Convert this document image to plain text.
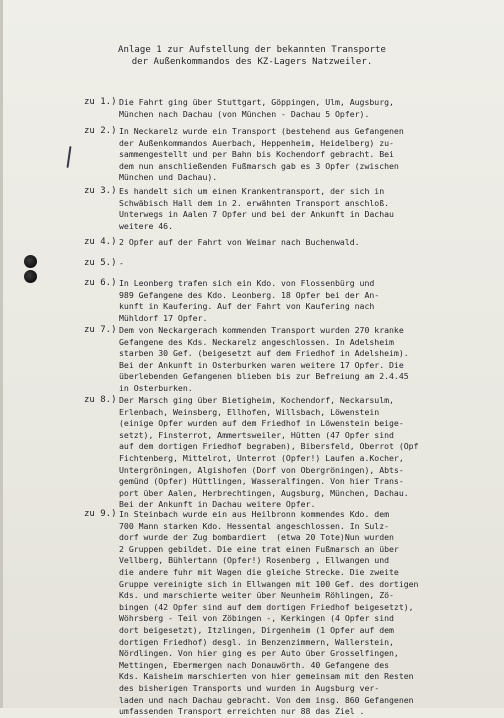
Anlage 1 zur Aufstellung der bekannten Transporte
der Außenkommandos des KZ-Lagers Natzweiler.
zu 1.) Die Fahrt ging über Stuttgart, Göppingen, Ulm, Augsburg,
München nach Dachau (von München - Dachau 5 Opfer).
zu 2.) In Neckarelz wurde ein Transport (bestehend aus Gefangenen
der Außenkommandos Auerbach, Heppenheim, Heidelberg) zu-
sammengestellt und per Bahn bis Kochendorf gebracht. Bei
dem nun anschließenden Fußmarsch gab es 3 Opfer (zwischen
München und Dachau).
zu 3.) Es handelt sich um einen Krankentransport, der sich in
Schwäbisch Hall dem in 2. erwähnten Transport anschloß.
Unterwegs in Aalen 7 Opfer und bei der Ankunft in Dachau
weitere 46.
zu 4.) 2 Opfer auf der Fahrt von Weimar nach Buchenwald.
zu 5.) -
zu 6.) In Leonberg trafen sich ein Kdo. von Flossenbürg und
989 Gefangene des Kdo. Leonberg. 18 Opfer bei der An-
kunft in Kaufering. Auf der Fahrt von Kaufering nach
Mühldorf 17 Opfer.
zu 7.) Dem von Neckargerach kommenden Transport wurden 270 kranke
Gefangene des Kds. Neckarelz angeschlossen. In Adelsheim
starben 30 Gef. (beigesetzt auf dem Friedhof in Adelsheim).
Bei der Ankunft in Osterburken waren weitere 17 Opfer. Die
überlebenden Gefangenen blieben bis zur Befreiung am 2.4.45
in Osterburken.
zu 8.) Der Marsch ging über Bietigheim, Kochendorf, Neckarsulm,
Erlenbach, Weinsberg, Ellhofen, Willsbach, Löwenstein
(einige Opfer wurden auf dem Friedhof in Löwenstein beige-
setzt), Finsterrot, Ammertsweiler, Hütten (47 Opfer sind
auf dem dortigen Friedhof begraben), Bibersfeld, Oberrot (Opf
Fichtenberg, Mittelrot, Unterrot (Opfer!) Laufen a.Kocher,
Untergröningen, Algishofen (Dorf von Obergröningen), Abts-
gemünd (Opfer) Hüttlingen, Wasseralfingen. Von hier Trans-
port über Aalen, Herbrechtingen, Augsburg, München, Dachau.
Bei der Ankunft in Dachau weitere Opfer.
zu 9.) In Steinbach wurde ein aus Heilbronn kommendes Kdo. dem
700 Mann starken Kdo. Hessental angeschlossen. In Sulz-
dorf wurde der Zug bombardiert  (etwa 20 Tote)Nun wurden
2 Gruppen gebildet. Die eine trat einen Fußmarsch an über
Vellberg, Bühlertann (Opfer!) Rosenberg , Ellwangen und
die andere fuhr mit Wagen die gleiche Strecke. Die zweite
Gruppe vereinigte sich in Ellwangen mit 100 Gef. des dortigen
Kds. und marschierte weiter über Neunheim Röhlingen, Zö-
bingen (42 Opfer sind auf dem dortigen Friedhof beigesetzt),
Wöhrsberg - Teil von Zöbingen -, Kerkingen (4 Opfer sind
dort beigesetzt), Itzlingen, Dirgenheim (1 Opfer auf dem
dortigen Friedhof) desgl. in Benzenzimmern, Wallerstein,
Nördlingen. Von hier ging es per Auto über Grosselfingen,
Mettingen, Ebermergen nach Donauwörth. 40 Gefangene des
Kds. Kaisheim marschierten von hier gemeinsam mit den Resten
des bisherigen Transports und wurden in Augsburg ver-
laden und nach Dachau gebracht. Von dem insg. 860 Gefangenen
umfassenden Transport erreichten nur 88 das Ziel .
